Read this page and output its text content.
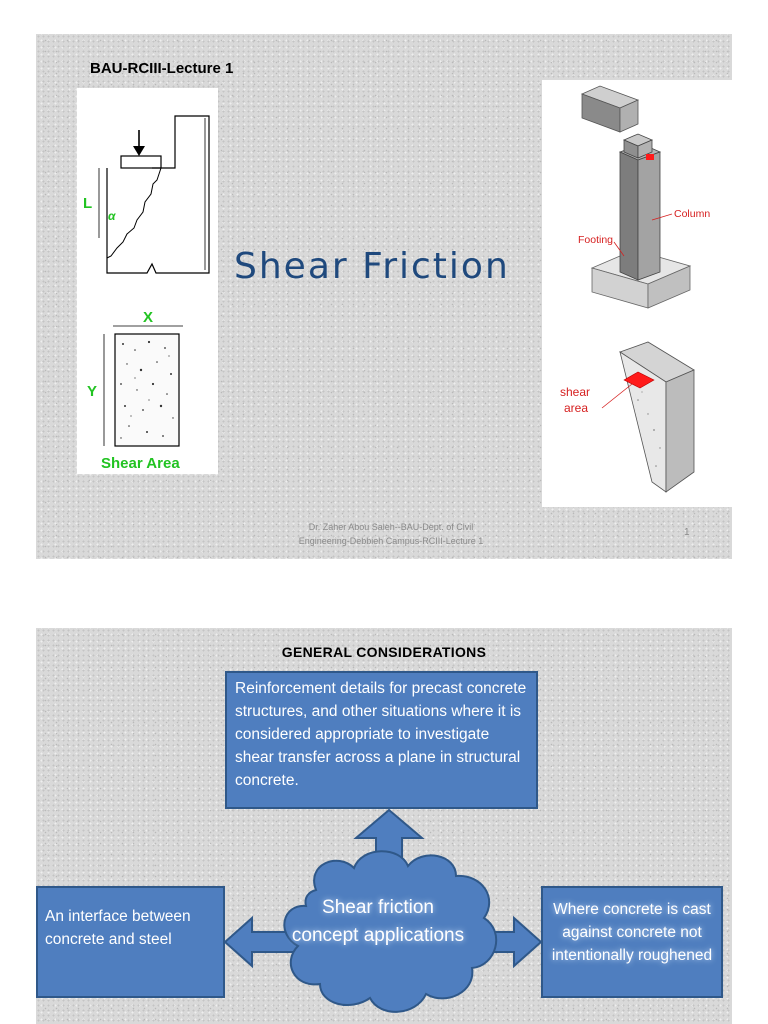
BAU-RCIII-Lecture 1
L
α
X
Y
Shear Area
Shear Friction
Column
Footing
shear
area
Dr. Zaher Abou Saleh--BAU-Dept. of Civil
Engineering-Debbieh Campus-RCIII-Lecture 1
1
GENERAL CONSIDERATIONS
Reinforcement details for precast concrete structures, and other situations where it is considered appropriate to investigate shear transfer across a plane in structural concrete.
An interface between concrete and steel
Where concrete is cast against concrete not intentionally roughened
Shear friction concept applications
